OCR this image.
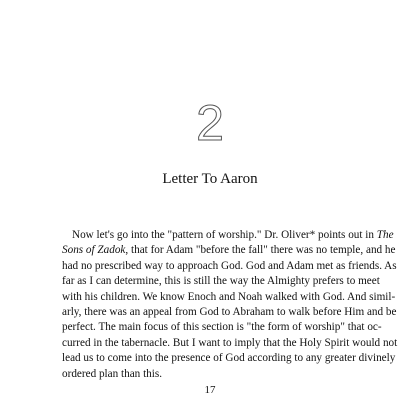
2
Letter To Aaron
Now let's go into the "pattern of worship." Dr. Oliver* points out in The
Sons of Zadok, that for Adam "before the fall" there was no temple, and he
had no prescribed way to approach God. God and Adam met as friends. As
far as I can determine, this is still the way the Almighty prefers to meet
with his children. We know Enoch and Noah walked with God. And simil-
arly, there was an appeal from God to Abraham to walk before Him and be
perfect. The main focus of this section is "the form of worship" that oc-
curred in the tabernacle. But I want to imply that the Holy Spirit would not
lead us to come into the presence of God according to any greater divinely
ordered plan than this.
17
